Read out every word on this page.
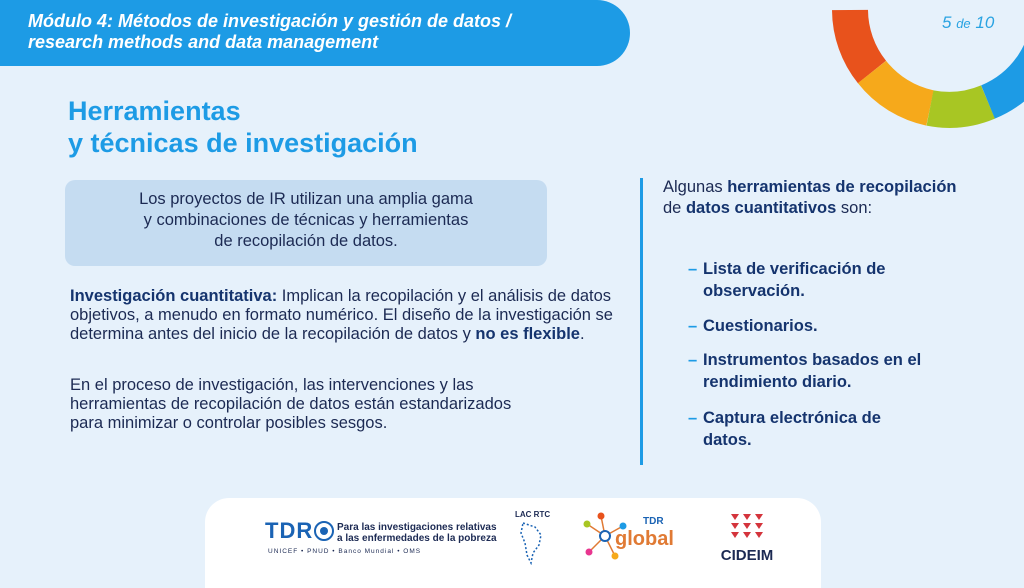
Módulo 4: Métodos de investigación y gestión de datos /
research methods and data management
5 de 10
Herramientas
y técnicas de investigación
Los proyectos de IR utilizan una amplia gama
y combinaciones de técnicas y herramientas
de recopilación de datos.
Investigación cuantitativa: Implican la recopilación y el análisis de datos objetivos, a menudo en formato numérico. El diseño de la investigación se determina antes del inicio de la recopilación de datos y no es flexible.
En el proceso de investigación, las intervenciones y las herramientas de recopilación de datos están estandarizados para minimizar o controlar posibles sesgos.
Algunas herramientas de recopilación de datos cuantitativos son:
– Lista de verificación de observación.
– Cuestionarios.
– Instrumentos basados en el rendimiento diario.
– Captura electrónica de datos.
TDR Para las investigaciones relativas
a las enfermedades de la pobreza
UNICEF • PNUD • Banco Mundial • OMS
LAC RTC
TDR
global
CIDEIM
